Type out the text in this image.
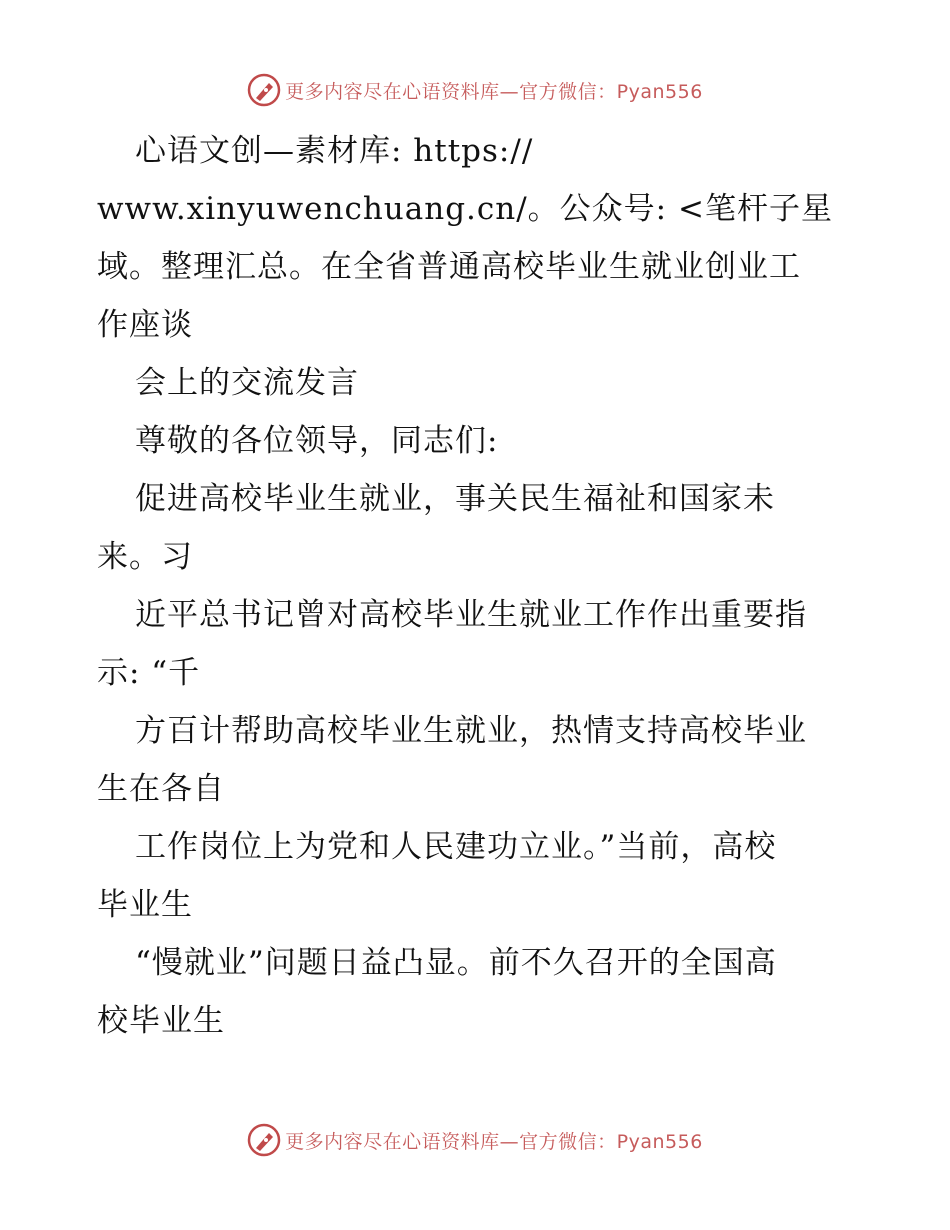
更多内容尽在心语资料库—官方微信：Pyan556
心语文创—素材库: https://
www.xinyuwenchuang.cn/。公众号: <笔杆子星
域。整理汇总。在全省普通高校毕业生就业创业工
作座谈
会上的交流发言
尊敬的各位领导，同志们:
促进高校毕业生就业，事关民生福祉和国家未
来。习
近平总书记曾对高校毕业生就业工作作出重要指
示: “千
方百计帮助高校毕业生就业，热情支持高校毕业
生在各自
工作岗位上为党和人民建功立业。”当前，高校
毕业生
“慢就业”问题日益凸显。前不久召开的全国高
校毕业生
更多内容尽在心语资料库—官方微信：Pyan556
